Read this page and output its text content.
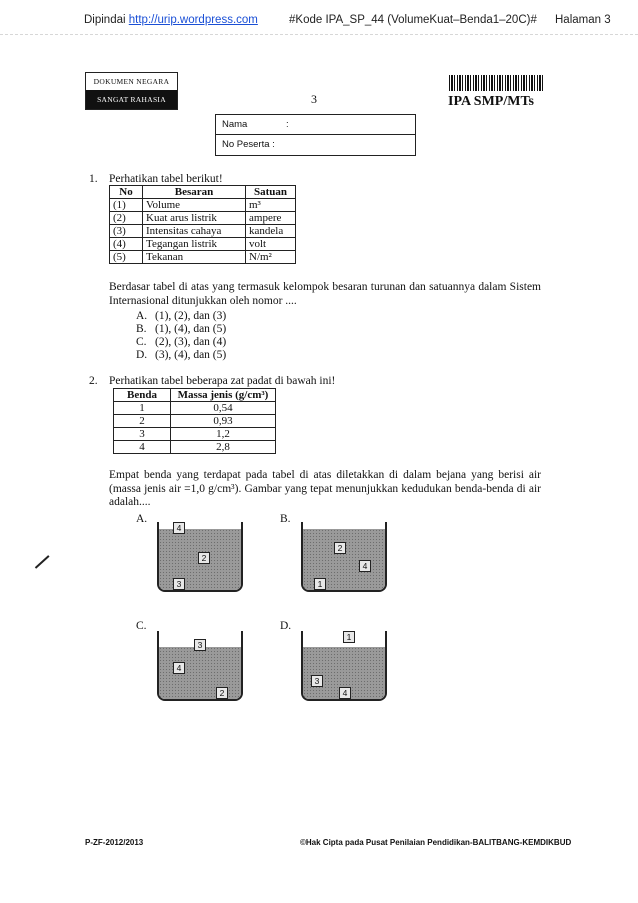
Dipindai http://urip.wordpress.com	#Kode IPA_SP_44 (VolumeKuat–Benda1–20C)# Halaman 3
DOKUMEN NEGARA
SANGAT RAHASIA	3	IPA SMP/MTs
Nama	:
No Peserta :
1. Perhatikan tabel berikut!
No	Besaran	Satuan
(1)	Volume	m³
(2)	Kuat arus listrik	ampere
(3)	Intensitas cahaya	kandela
(4)	Tegangan listrik	volt
(5)	Tekanan	N/m²
Berdasar tabel di atas yang termasuk kelompok besaran turunan dan satuannya dalam Sistem Internasional ditunjukkan oleh nomor ....
A. (1), (2), dan (3)
B. (1), (4), dan (5)
C. (2), (3), dan (4)
D. (3), (4), dan (5)
2. Perhatikan tabel beberapa zat padat di bawah ini!
Benda	Massa jenis (g/cm³)
1	0,54
2	0,93
3	1,2
4	2,8
Empat benda yang terdapat pada tabel di atas diletakkan di dalam bejana yang berisi air (massa jenis air =1,0 g/cm³). Gambar yang tepat menunjukkan kedudukan benda-benda di air adalah....
A.
4
2
3
B.
2
4
1
C.
3
4
2
D.
1
3
4
P-ZF-2012/2013	©Hak Cipta pada Pusat Penilaian Pendidikan-BALITBANG-KEMDIKBUD
